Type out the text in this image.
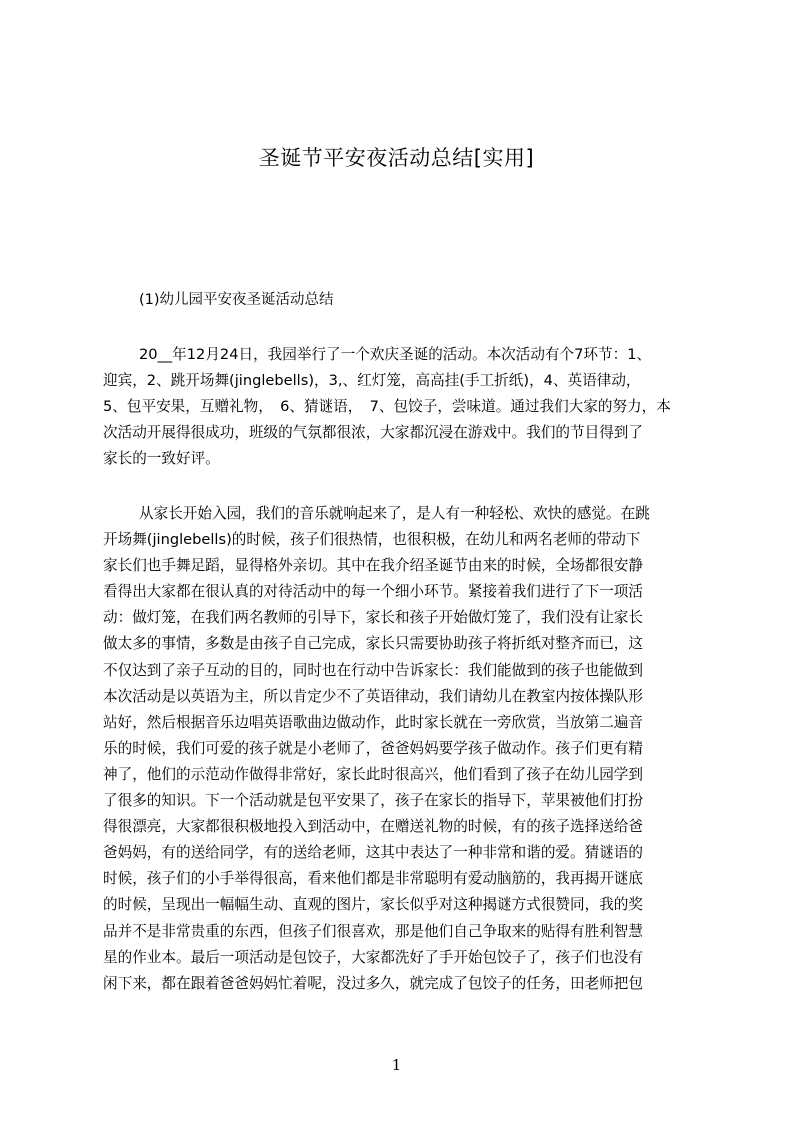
圣诞节平安夜活动总结[实用]
(1)幼儿园平安夜圣诞活动总结
20__年12月24日，我园举行了一个欢庆圣诞的活动。本次活动有个7环节：1、
迎宾，2、跳开场舞(jinglebells)，3,、红灯笼，高高挂(手工折纸)，4、英语律动，
5、包平安果，互赠礼物，　6、猜谜语，　7、包饺子，尝味道。通过我们大家的努力，本
次活动开展得很成功，班级的气氛都很浓，大家都沉浸在游戏中。我们的节目得到了
家长的一致好评。
从家长开始入园，我们的音乐就响起来了，是人有一种轻松、欢快的感觉。在跳
开场舞(jinglebells)的时候，孩子们很热情，也很积极，在幼儿和两名老师的带动下
家长们也手舞足蹈，显得格外亲切。其中在我介绍圣诞节由来的时候，全场都很安静
看得出大家都在很认真的对待活动中的每一个细小环节。紧接着我们进行了下一项活
动：做灯笼，在我们两名教师的引导下，家长和孩子开始做灯笼了，我们没有让家长
做太多的事情，多数是由孩子自己完成，家长只需要协助孩子将折纸对整齐而已，这
不仅达到了亲子互动的目的，同时也在行动中告诉家长：我们能做到的孩子也能做到
本次活动是以英语为主，所以肯定少不了英语律动，我们请幼儿在教室内按体操队形
站好，然后根据音乐边唱英语歌曲边做动作，此时家长就在一旁欣赏，当放第二遍音
乐的时候，我们可爱的孩子就是小老师了，爸爸妈妈要学孩子做动作。孩子们更有精
神了，他们的示范动作做得非常好，家长此时很高兴，他们看到了孩子在幼儿园学到
了很多的知识。下一个活动就是包平安果了，孩子在家长的指导下，苹果被他们打扮
得很漂亮，大家都很积极地投入到活动中，在赠送礼物的时候，有的孩子选择送给爸
爸妈妈，有的送给同学，有的送给老师，这其中表达了一种非常和谐的爱。猜谜语的
时候，孩子们的小手举得很高，看来他们都是非常聪明有爱动脑筋的，我再揭开谜底
的时候，呈现出一幅幅生动、直观的图片，家长似乎对这种揭谜方式很赞同，我的奖
品并不是非常贵重的东西，但孩子们很喜欢，那是他们自己争取来的贴得有胜利智慧
星的作业本。最后一项活动是包饺子，大家都洗好了手开始包饺子了，孩子们也没有
闲下来，都在跟着爸爸妈妈忙着呢，没过多久，就完成了包饺子的任务，田老师把包
1
